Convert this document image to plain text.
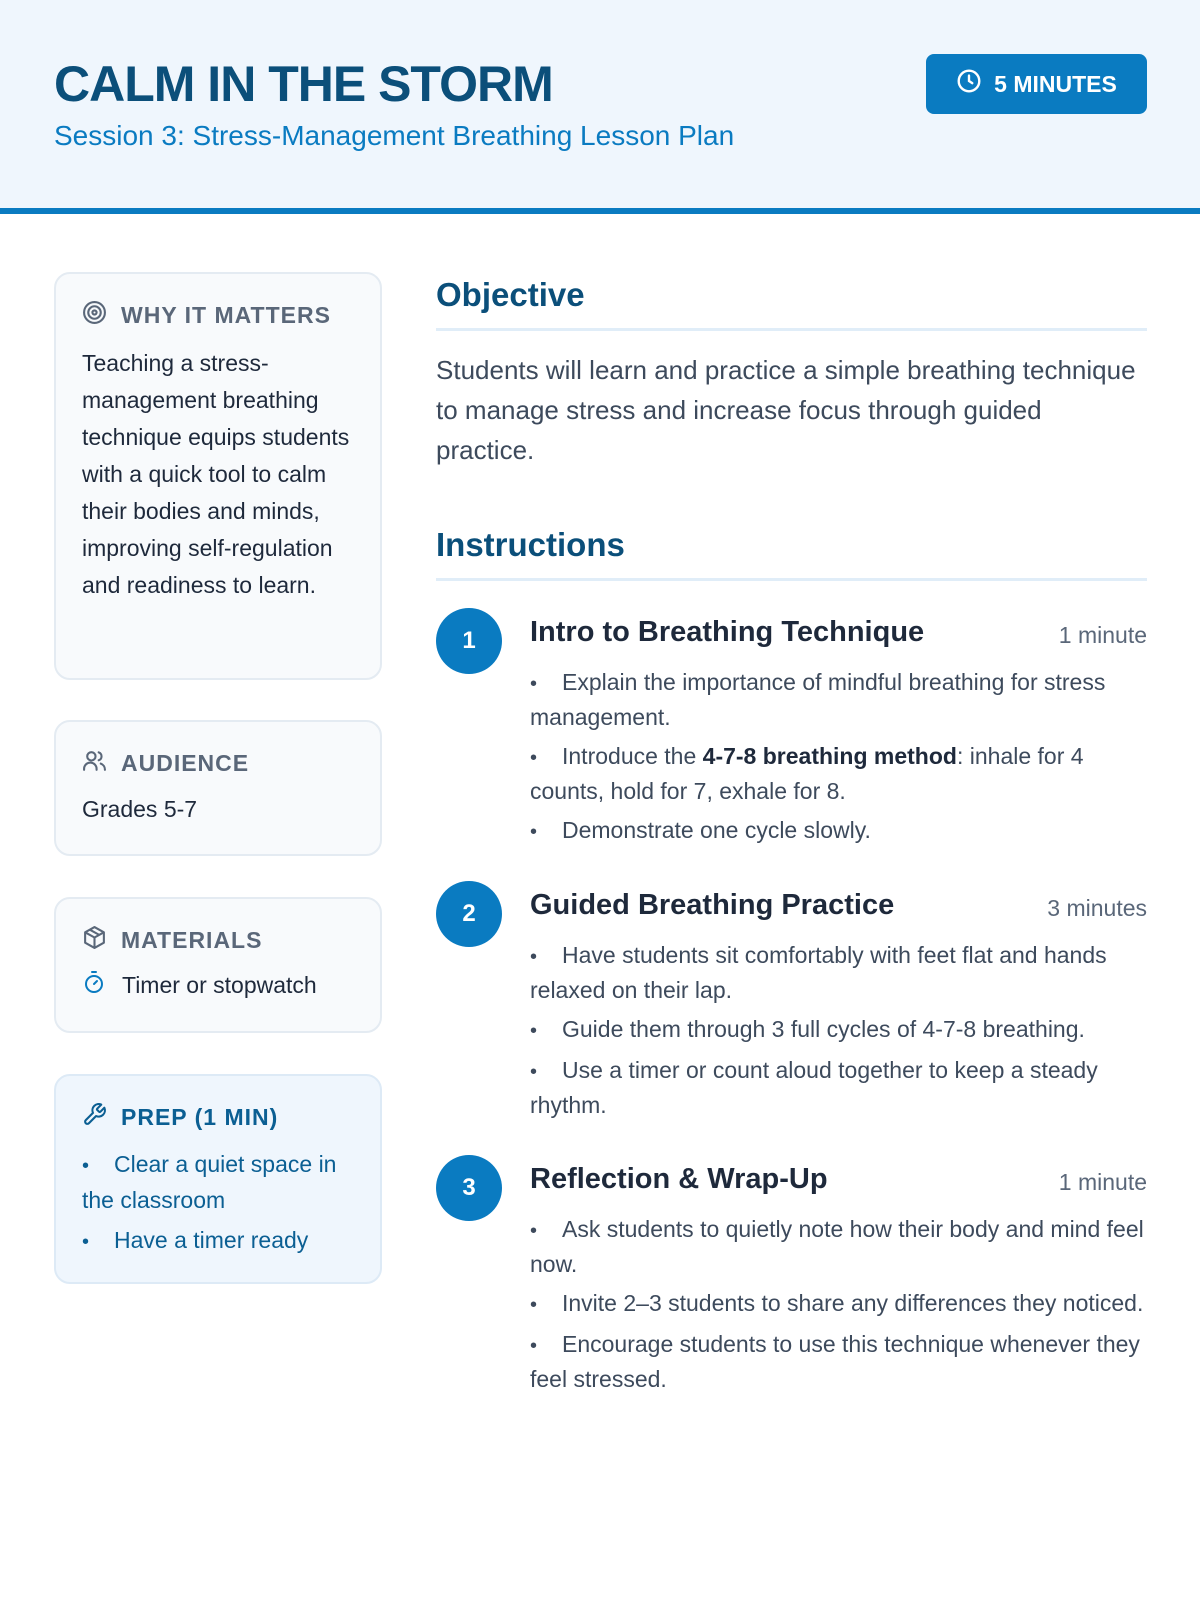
CALM IN THE STORM
Session 3: Stress-Management Breathing Lesson Plan
5 MINUTES
WHY IT MATTERS
Teaching a stress-management breathing technique equips students with a quick tool to calm their bodies and minds, improving self-regulation and readiness to learn.
AUDIENCE
Grades 5-7
MATERIALS
Timer or stopwatch
PREP (1 MIN)
• Clear a quiet space in the classroom
• Have a timer ready
Objective
Students will learn and practice a simple breathing technique to manage stress and increase focus through guided practice.
Instructions
1	Intro to Breathing Technique	1 minute
• Explain the importance of mindful breathing for stress management.
• Introduce the 4-7-8 breathing method: inhale for 4 counts, hold for 7, exhale for 8.
• Demonstrate one cycle slowly.
2	Guided Breathing Practice	3 minutes
• Have students sit comfortably with feet flat and hands relaxed on their lap.
• Guide them through 3 full cycles of 4-7-8 breathing.
• Use a timer or count aloud together to keep a steady rhythm.
3	Reflection & Wrap-Up	1 minute
• Ask students to quietly note how their body and mind feel now.
• Invite 2–3 students to share any differences they noticed.
• Encourage students to use this technique whenever they feel stressed.
